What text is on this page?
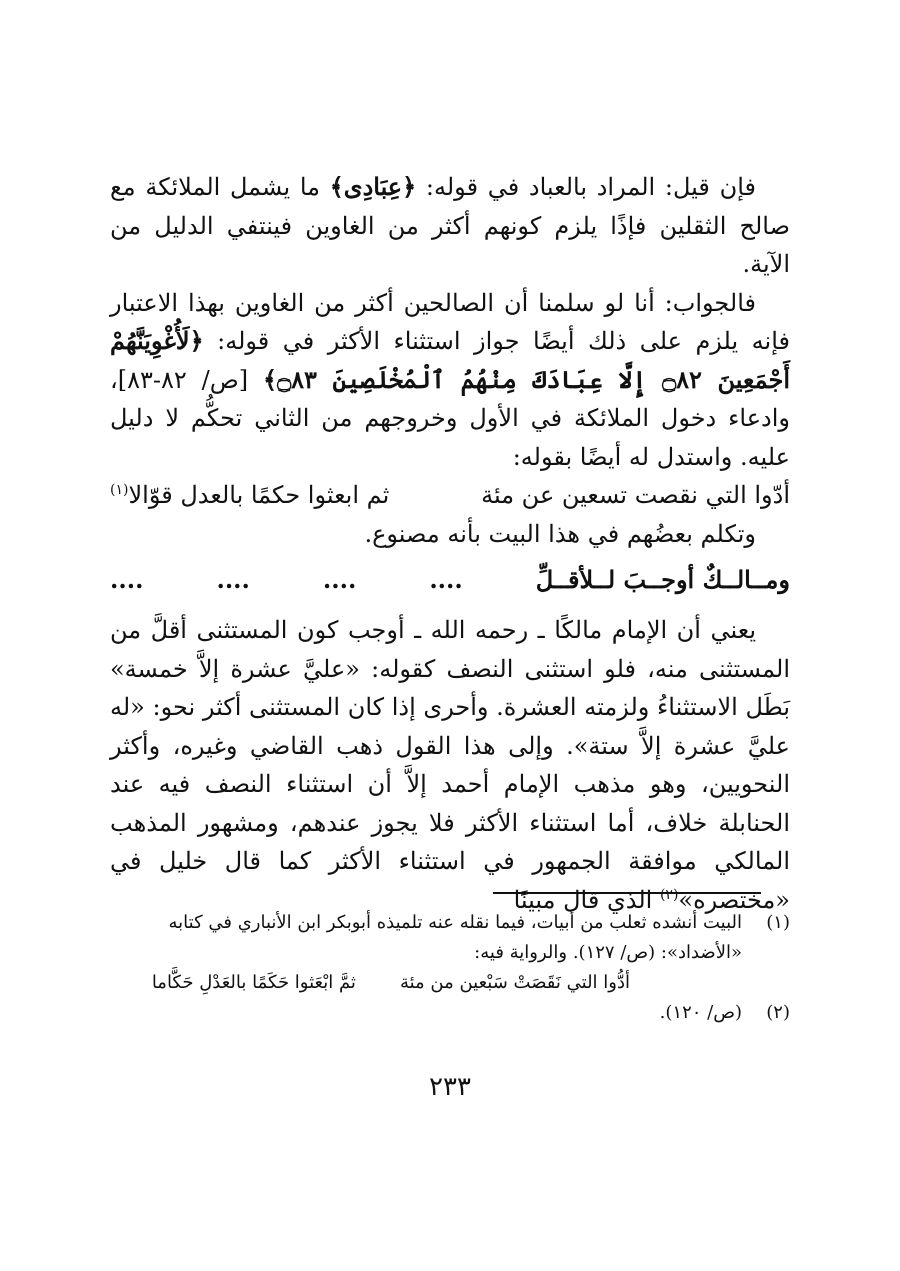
فإن قيل: المراد بالعباد في قوله: ﴿عِبَادِى﴾ ما يشمل الملائكة مع صالح الثقلين فإذًا يلزم كونهم أكثر من الغاوين فينتفي الدليل من الآية.

فالجواب: أنا لو سلمنا أن الصالحين أكثر من الغاوين بهذا الاعتبار فإنه يلزم على ذلك أيضًا جواز استثناء الأكثر في قوله: ﴿لَأُغْوِيَنَّهُمْ أَجْمَعِينَ ۝٨٢ إِلَّا عِبَادَكَ مِنْهُمُ ٱلْمُخْلَصِينَ ۝٨٣﴾ [ص/ ٨٢-٨٣]، وادعاء دخول الملائكة في الأول وخروجهم من الثاني تحكُّم لا دليل عليه. واستدل له أيضًا بقوله:

أدّوا التي نقصت تسعين عن مئة
ثم ابعثوا حكمًا بالعدل قوّالا$^{(١)}$

وتكلم بعضُهم في هذا البيت بأنه مصنوع.

ومــالــكٌ أوجــبَ لــلأقــلِّ
....
....
....
....

يعني أن الإمام مالكًا ـ رحمه الله ـ أوجب كون المستثنى أقلَّ من المستثنى منه، فلو استثنى النصف كقوله: «عليَّ عشرة إلاَّ خمسة» بَطَل الاستثناءُ ولزمته العشرة. وأحرى إذا كان المستثنى أكثر نحو: «له عليَّ عشرة إلاَّ ستة». وإلى هذا القول ذهب القاضي وغيره، وأكثر النحويين، وهو مذهب الإمام أحمد إلاَّ أن استثناء النصف فيه عند الحنابلة خلاف، أما استثناء الأكثر فلا يجوز عندهم، ومشهور المذهب المالكي موافقة الجمهور في استثناء الأكثر كما قال خليل في «مختصره»$^{(٢)}$ الذي قال مبينًا

(١)
البيت أنشده ثعلب من أبيات، فيما نقله عنه تلميذه أبوبكر ابن الأنباري في كتابه «الأضداد»: (ص/ ١٢٧). والرواية فيه:
أدُّوا التي نَقَصَتْ سَبْعين من مئة
ثمَّ ابْعَثوا حَكَمًا بالعَدْلِ حَكَّاما
(٢)
(ص/ ١٢٠).
٢٣٣
